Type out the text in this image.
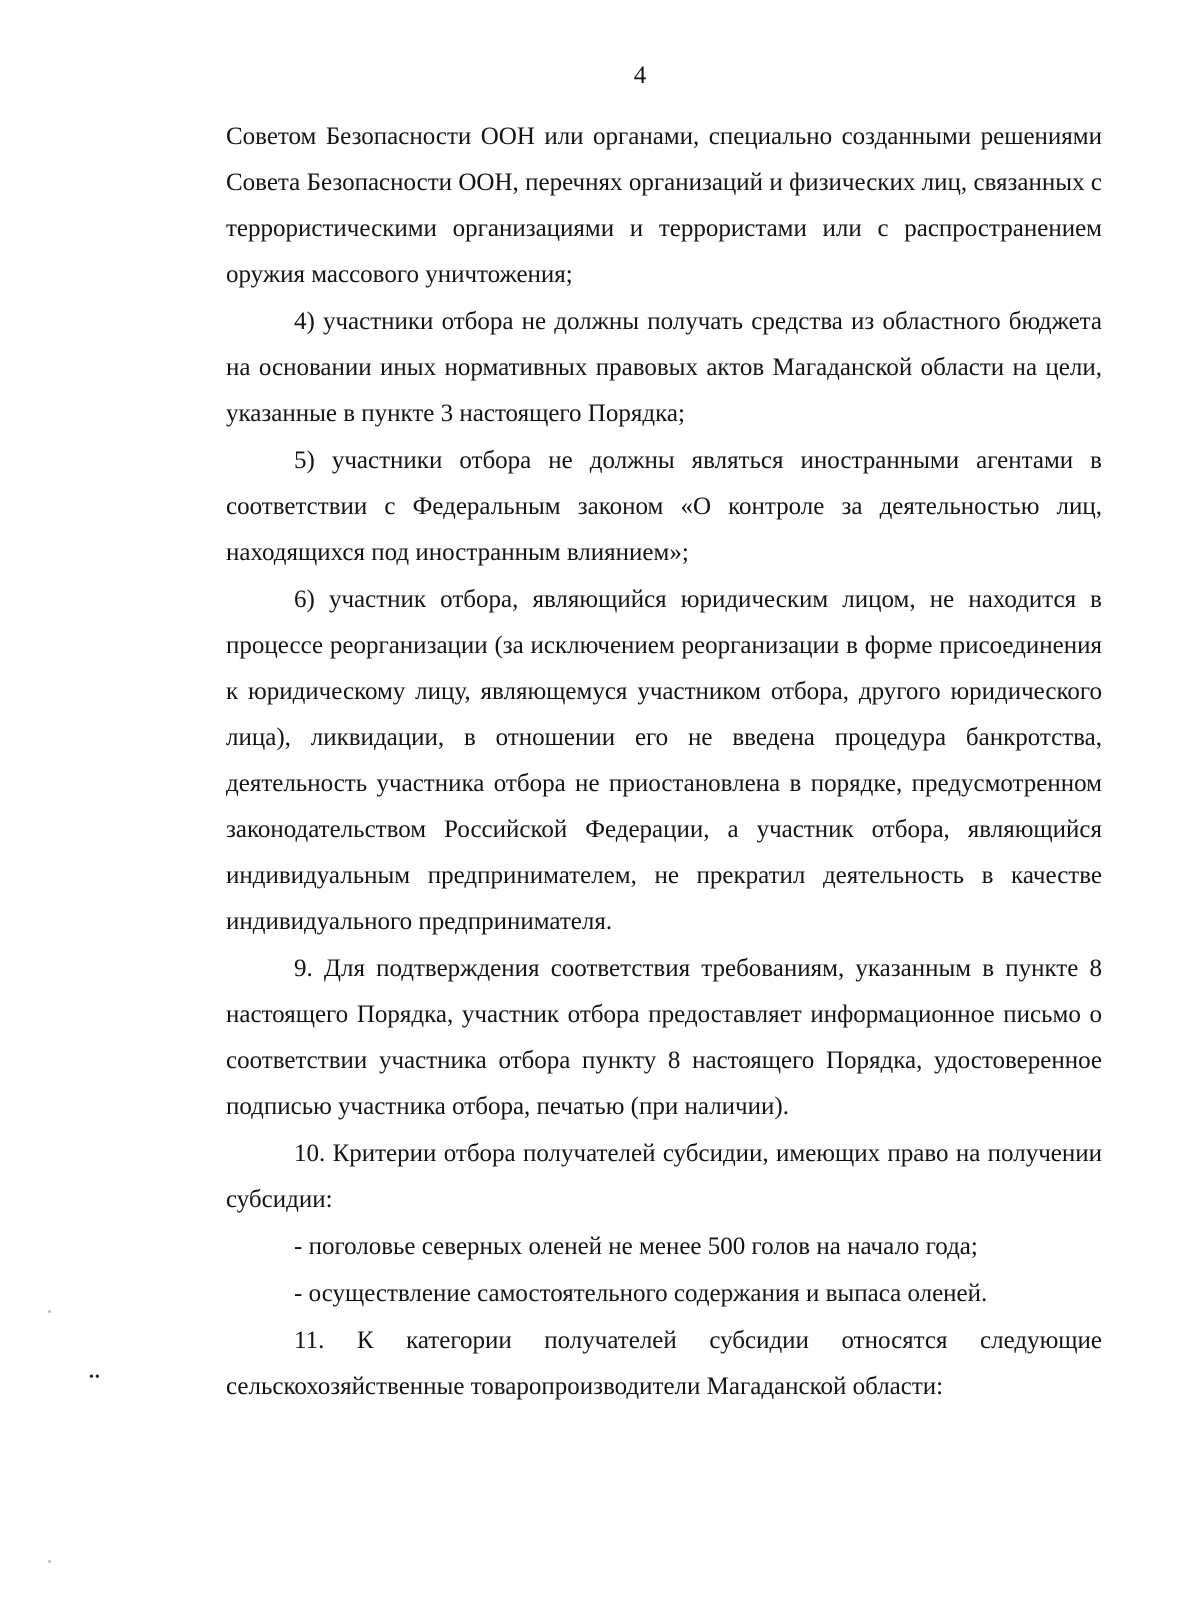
4

Советом Безопасности ООН или органами, специально созданными решениями Совета Безопасности ООН, перечнях организаций и физических лиц, связанных с террористическими организациями и террористами или с распространением оружия массового уничтожения;

4) участники отбора не должны получать средства из областного бюджета на основании иных нормативных правовых актов Магаданской области на цели, указанные в пункте 3 настоящего Порядка;

5) участники отбора не должны являться иностранными агентами в соответствии с Федеральным законом «О контроле за деятельностью лиц, находящихся под иностранным влиянием»;

6) участник отбора, являющийся юридическим лицом, не находится в процессе реорганизации (за исключением реорганизации в форме присоединения к юридическому лицу, являющемуся участником отбора, другого юридического лица), ликвидации, в отношении его не введена процедура банкротства, деятельность участника отбора не приостановлена в порядке, предусмотренном законодательством Российской Федерации, а участник отбора, являющийся индивидуальным предпринимателем, не прекратил деятельность в качестве индивидуального предпринимателя.

9. Для подтверждения соответствия требованиям, указанным в пункте 8 настоящего Порядка, участник отбора предоставляет информационное письмо о соответствии участника отбора пункту 8 настоящего Порядка, удостоверенное подписью участника отбора, печатью (при наличии).

10. Критерии отбора получателей субсидии, имеющих право на получении субсидии:

- поголовье северных оленей не менее 500 голов на начало года;

- осуществление самостоятельного содержания и выпаса оленей.

11. К категории получателей субсидии относятся следующие сельскохозяйственные товаропроизводители Магаданской области:

••
